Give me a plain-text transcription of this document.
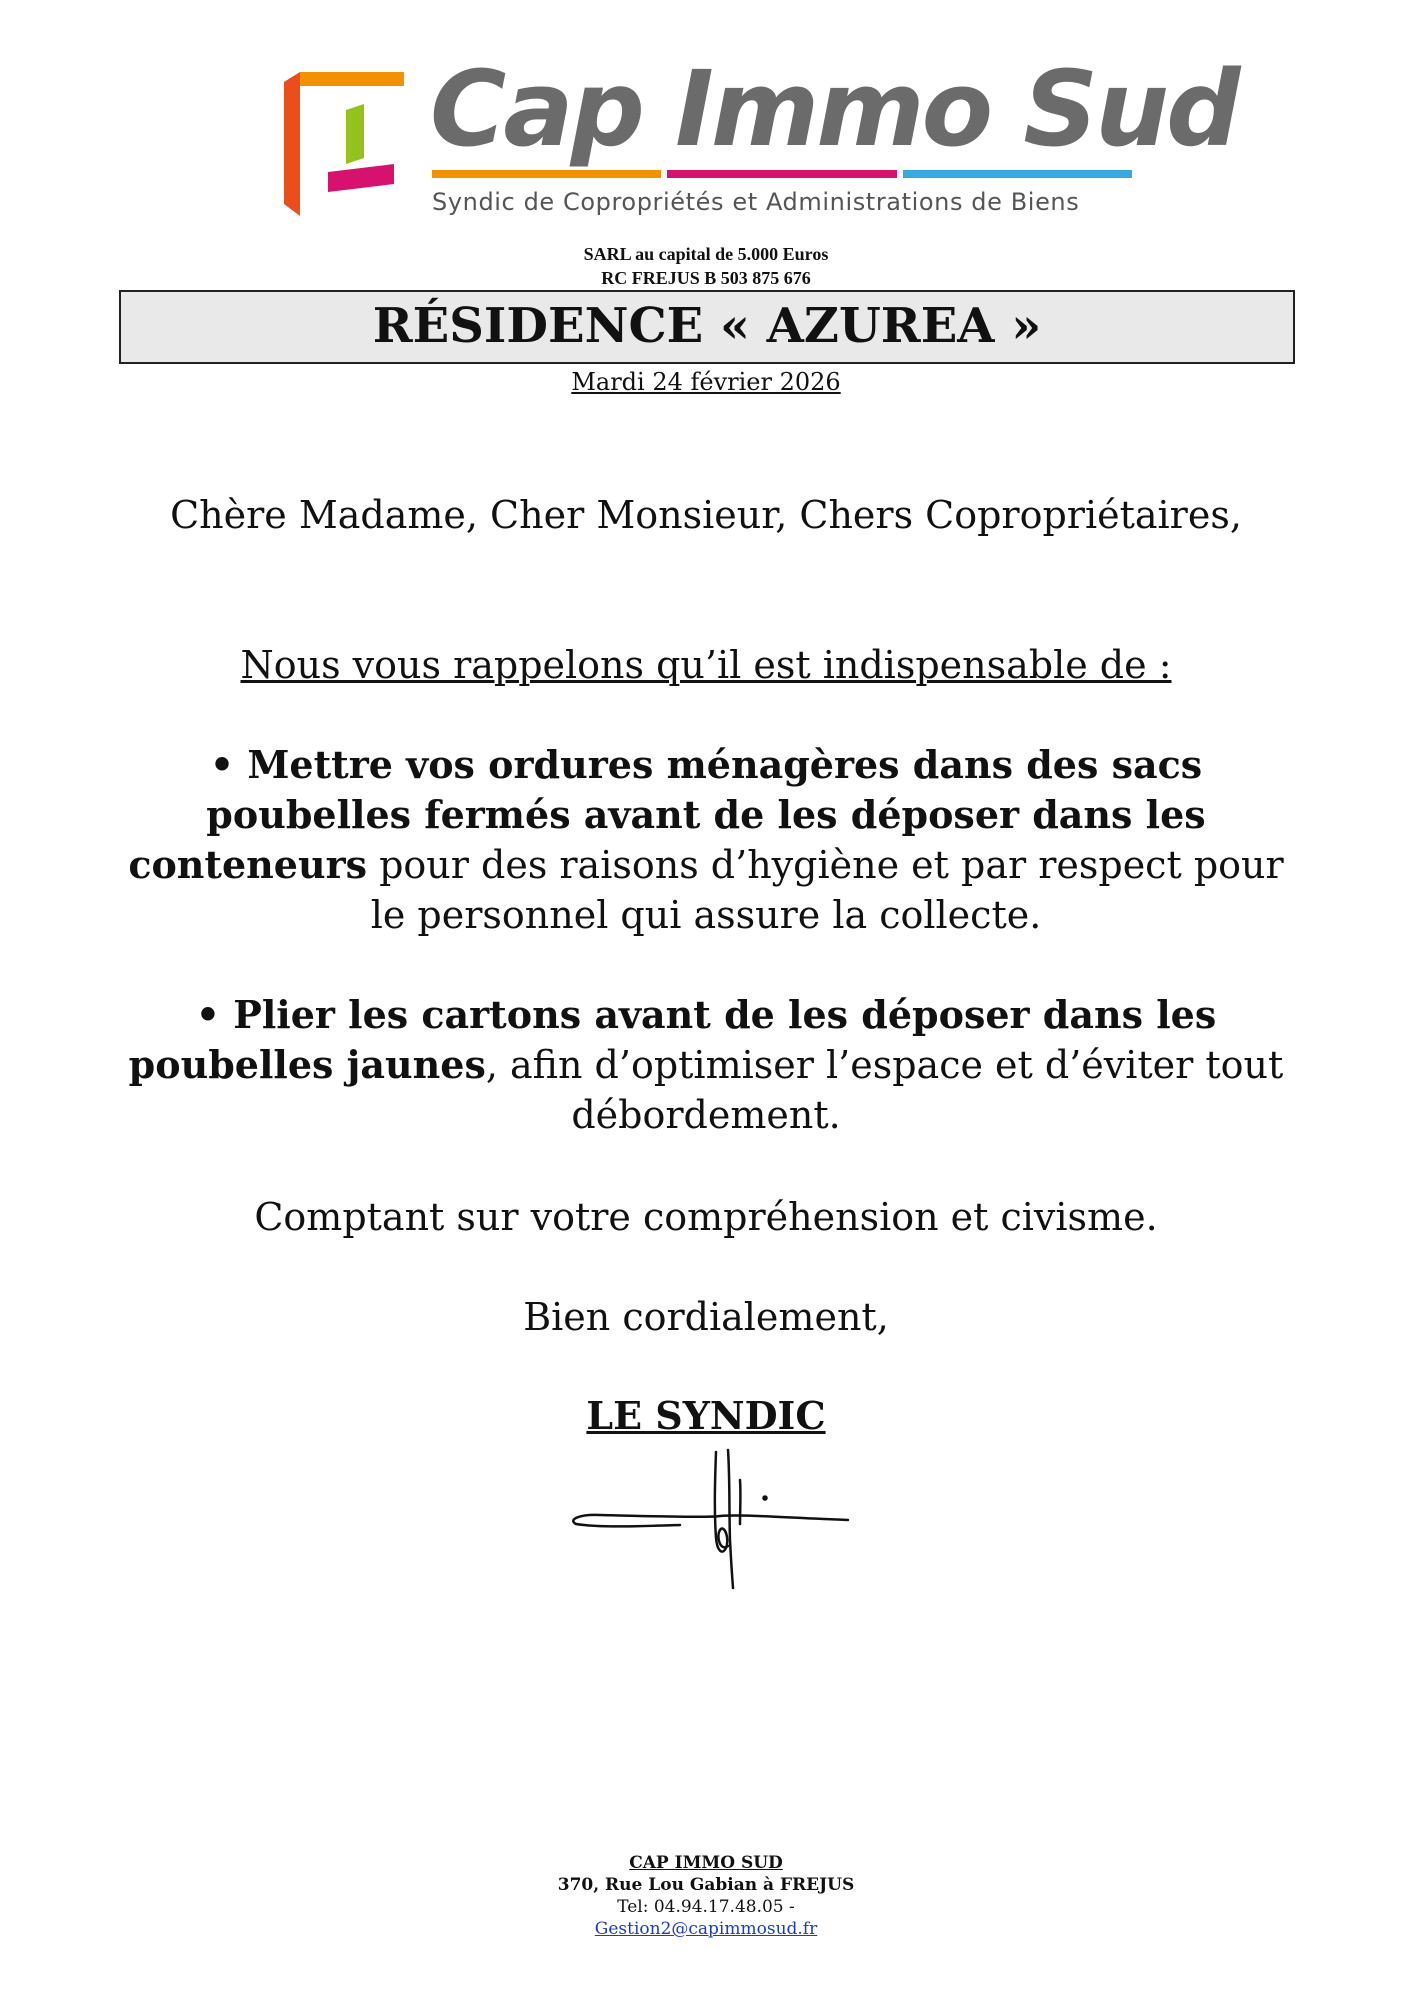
Cap Immo Sud
Syndic de Copropriétés et Administrations de Biens
SARL au capital de 5.000 Euros
RC FREJUS B 503 875 676
RÉSIDENCE « AZUREA »
Mardi 24 février 2026
Chère Madame, Cher Monsieur, Chers Copropriétaires,
Nous vous rappelons qu’il est indispensable de :
• Mettre vos ordures ménagères dans des sacs poubelles fermés avant de les déposer dans les conteneurs pour des raisons d’hygiène et par respect pour le personnel qui assure la collecte.
• Plier les cartons avant de les déposer dans les poubelles jaunes, afin d’optimiser l’espace et d’éviter tout débordement.
Comptant sur votre compréhension et civisme.
Bien cordialement,
LE SYNDIC
CAP IMMO SUD
370, Rue Lou Gabian à FREJUS
Tel: 04.94.17.48.05 -
Gestion2@capimmosud.fr
